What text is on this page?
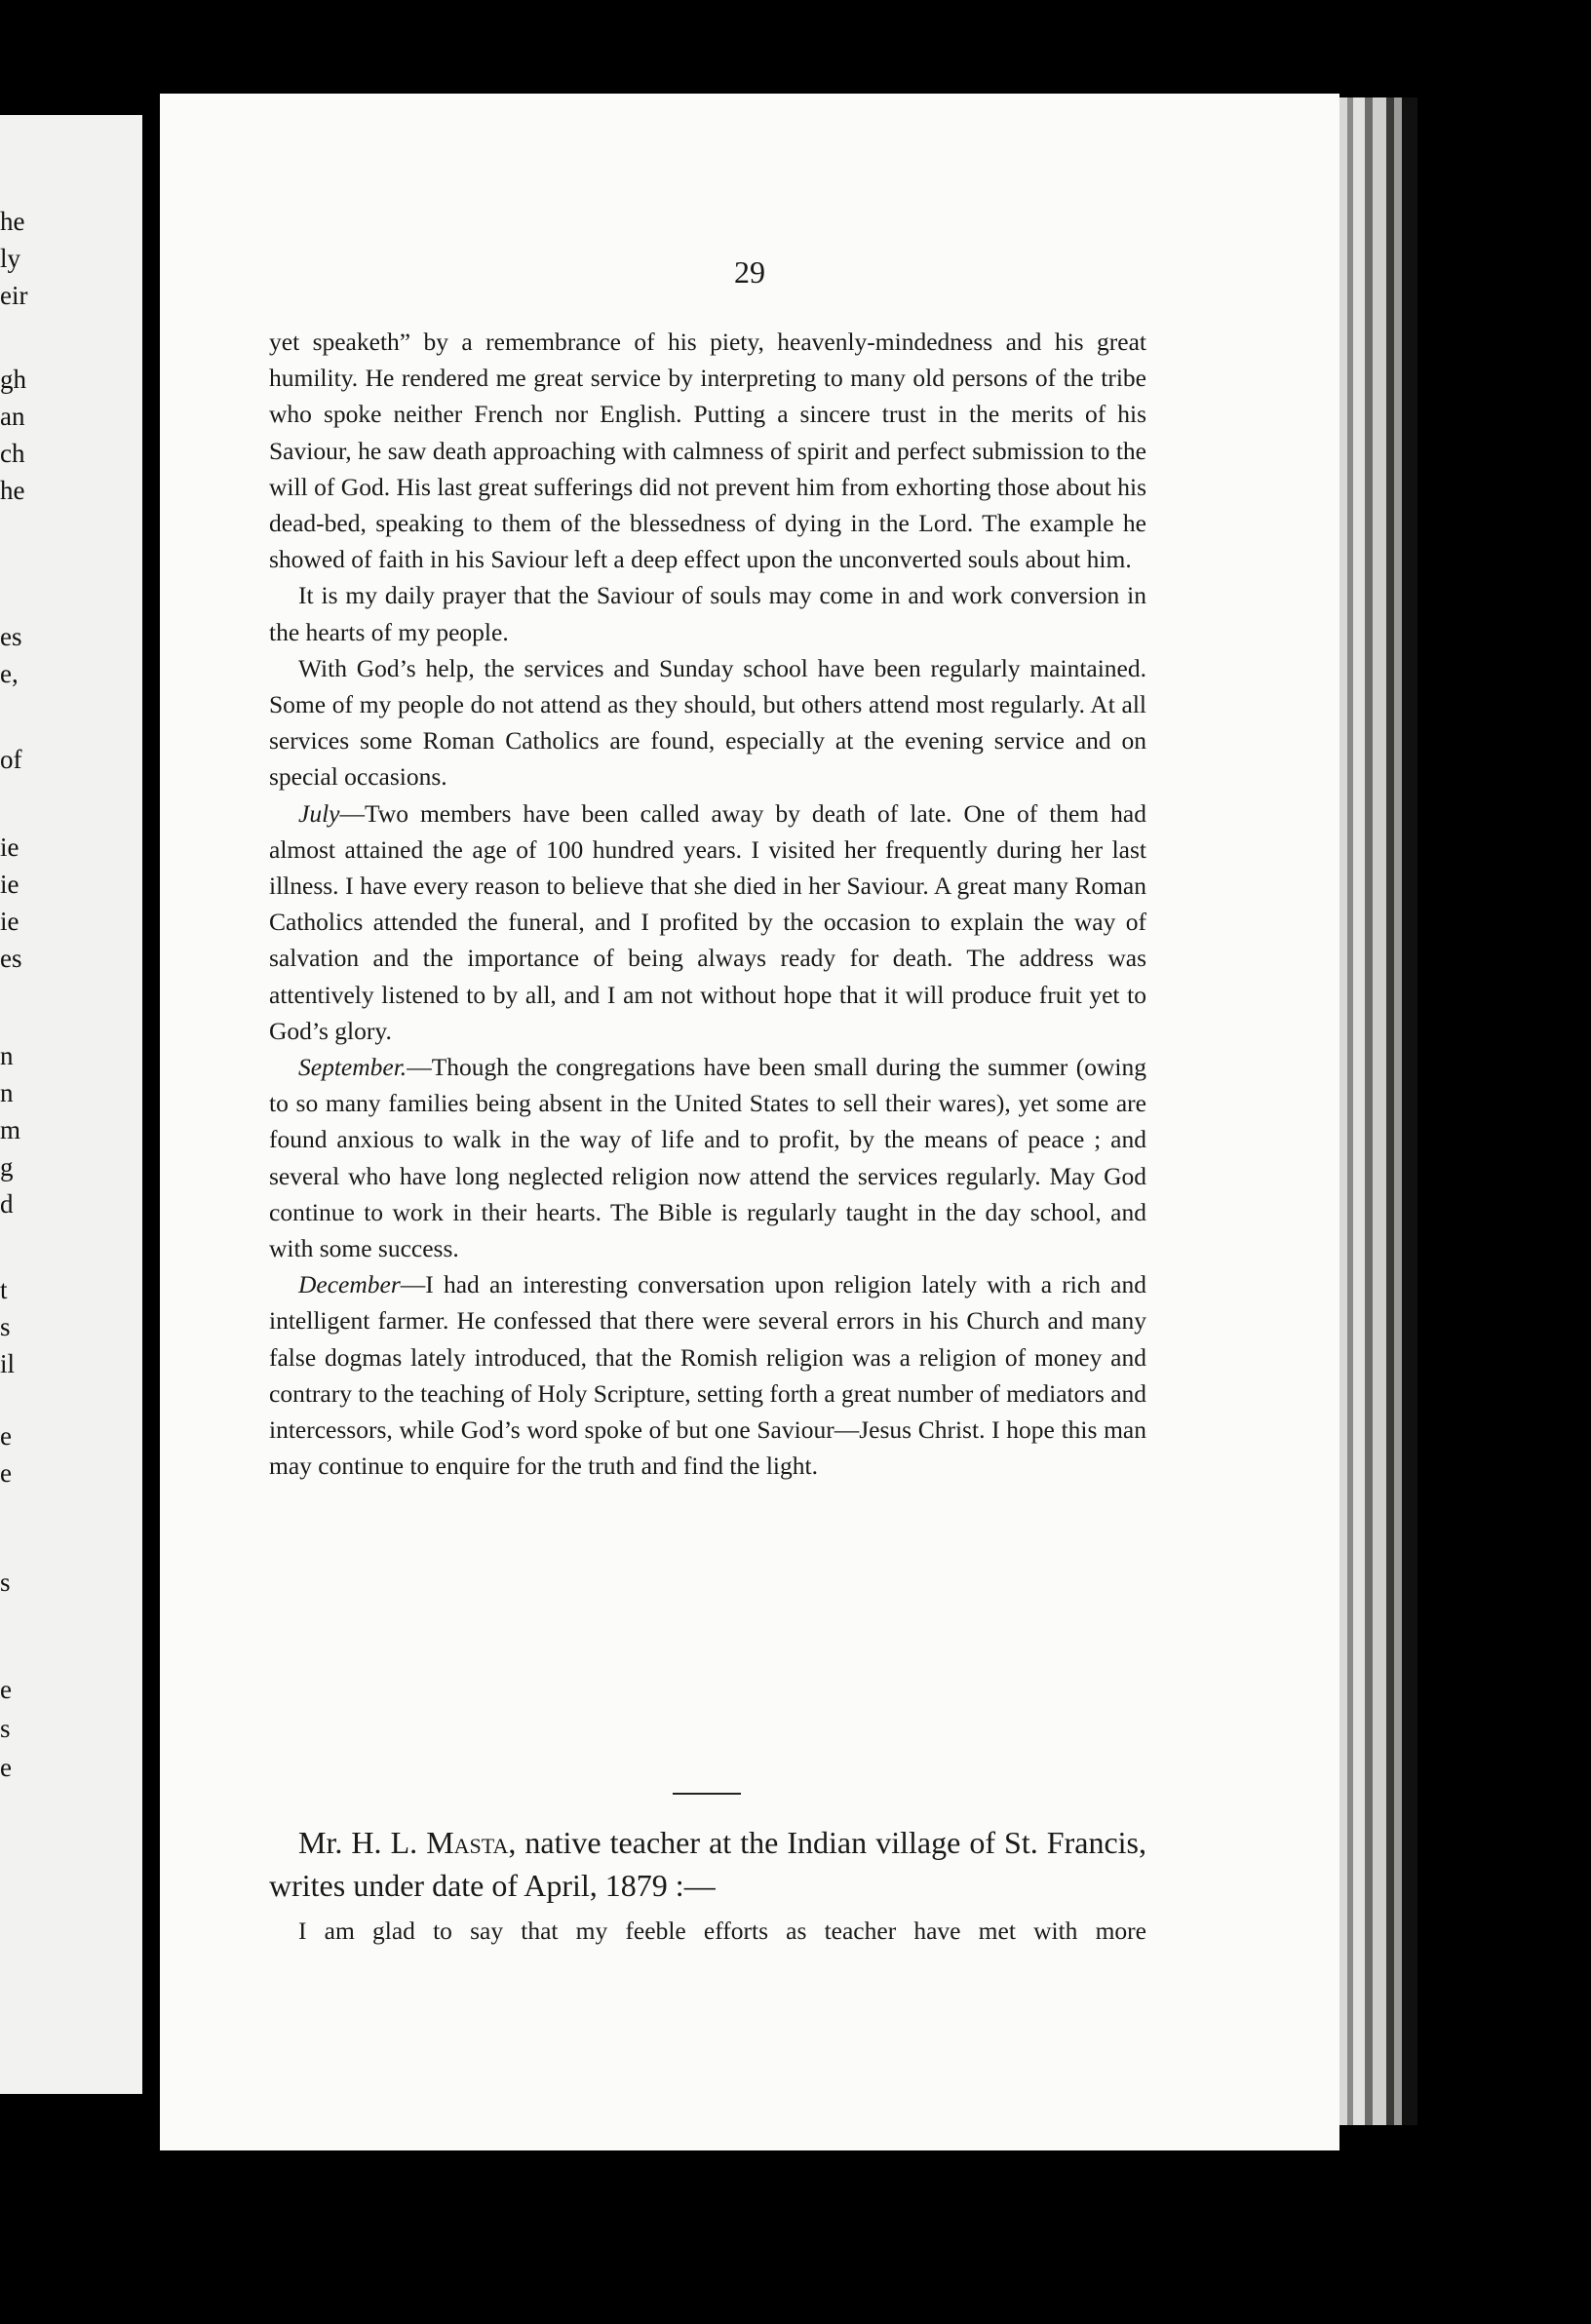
he
ly
eir
gh
an
ch
he
es
e,
of
ie
ie
ie
es
n
n
m
g
d
t
s
il
e
e
s
e
s
e
29

yet speaketh” by a remembrance of his piety, heavenly-mindedness and his great humility. He rendered me great service by interpreting to many old persons of the tribe who spoke neither French nor English. Putting a sincere trust in the merits of his Saviour, he saw death approaching with calmness of spirit and perfect submission to the will of God. His last great sufferings did not prevent him from exhorting those about his dead-bed, speaking to them of the blessedness of dying in the Lord. The example he showed of faith in his Saviour left a deep effect upon the unconverted souls about him.

It is my daily prayer that the Saviour of souls may come in and work conversion in the hearts of my people.

With God’s help, the services and Sunday school have been regularly maintained. Some of my people do not attend as they should, but others attend most regularly. At all services some Roman Catholics are found, especially at the evening service and on special occasions.

July—Two members have been called away by death of late. One of them had almost attained the age of 100 hundred years. I visited her frequently during her last illness. I have every reason to believe that she died in her Saviour. A great many Roman Catholics attended the funeral, and I profited by the occasion to explain the way of salvation and the importance of being always ready for death. The address was attentively listened to by all, and I am not without hope that it will produce fruit yet to God’s glory.

September.—Though the congregations have been small during the summer (owing to so many families being absent in the United States to sell their wares), yet some are found anxious to walk in the way of life and to profit, by the means of peace ; and several who have long neglected religion now attend the services regularly. May God continue to work in their hearts. The Bible is regularly taught in the day school, and with some success.

December—I had an interesting conversation upon religion lately with a rich and intelligent farmer. He confessed that there were several errors in his Church and many false dogmas lately introduced, that the Romish religion was a religion of money and contrary to the teaching of Holy Scripture, setting forth a great number of mediators and intercessors, while God’s word spoke of but one Saviour—Jesus Christ. I hope this man may continue to enquire for the truth and find the light.

Mr. H. L. Masta, native teacher at the Indian village of St. Francis, writes under date of April, 1879 :—
I am glad to say that my feeble efforts as teacher have met with more
